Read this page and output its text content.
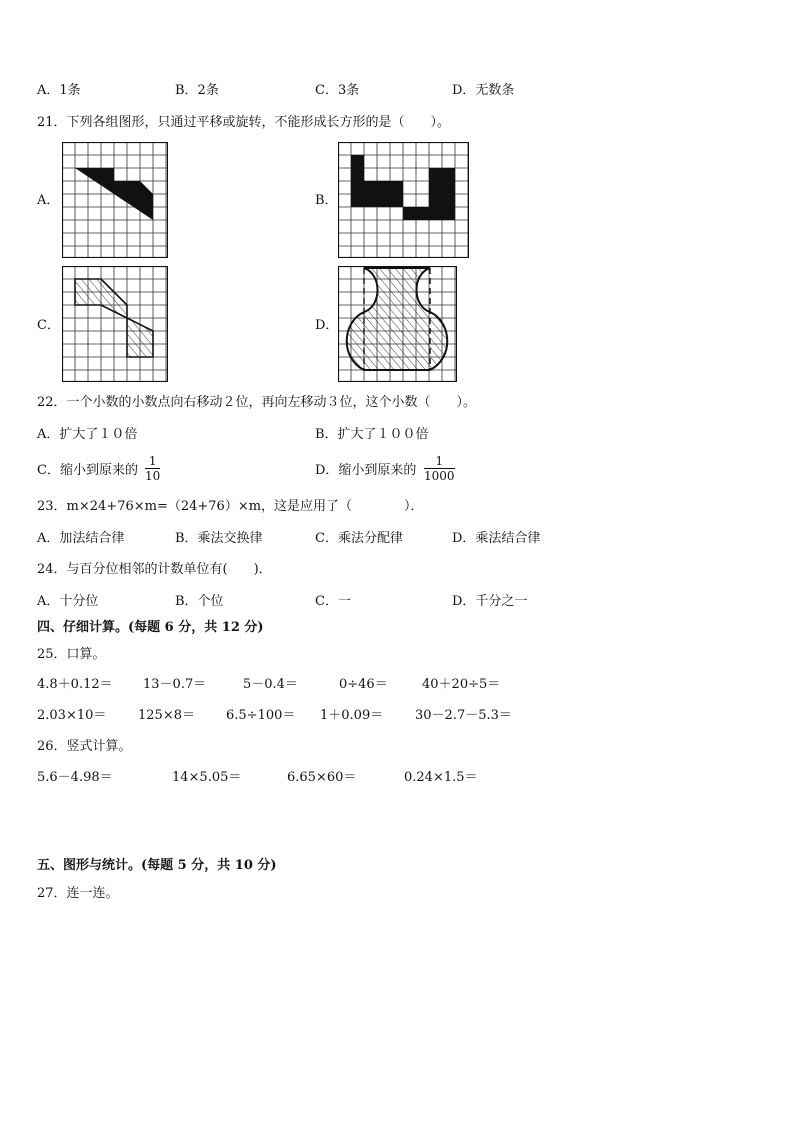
A．1条	B．2条	C．3条	D．无数条
21．下列各组图形，只通过平移或旋转，不能形成长方形的是（　　）。
A．	B．
C．	D．
22．一个小数的小数点向右移动２位，再向左移动３位，这个小数（　　）。
A．扩大了１０倍	B．扩大了１００倍
C．缩小到原来的
1
10	D．缩小到原来的
1
1000
23．m×24+76×m=（24+76）×m，这是应用了（　　　　）．
A．加法结合律	B．乘法交换律	C．乘法分配律	D．乘法结合律
24．与百分位相邻的计数单位有(　　)．
A．十分位	B．个位	C．一	D．千分之一
四、仔细计算。(每题 6 分，共 12 分)
25．口算。
4.8＋0.12＝ 13－0.7＝	5－0.4＝	0÷46＝	40＋20÷5＝
2.03×10＝ 125×8＝ 6.5÷100＝ 1＋0.09＝ 30－2.7－5.3＝
26．竖式计算。
5.6－4.98＝	14×5.05＝	6.65×60＝	0.24×1.5＝
五、图形与统计。(每题 5 分，共 10 分)
27．连一连。
